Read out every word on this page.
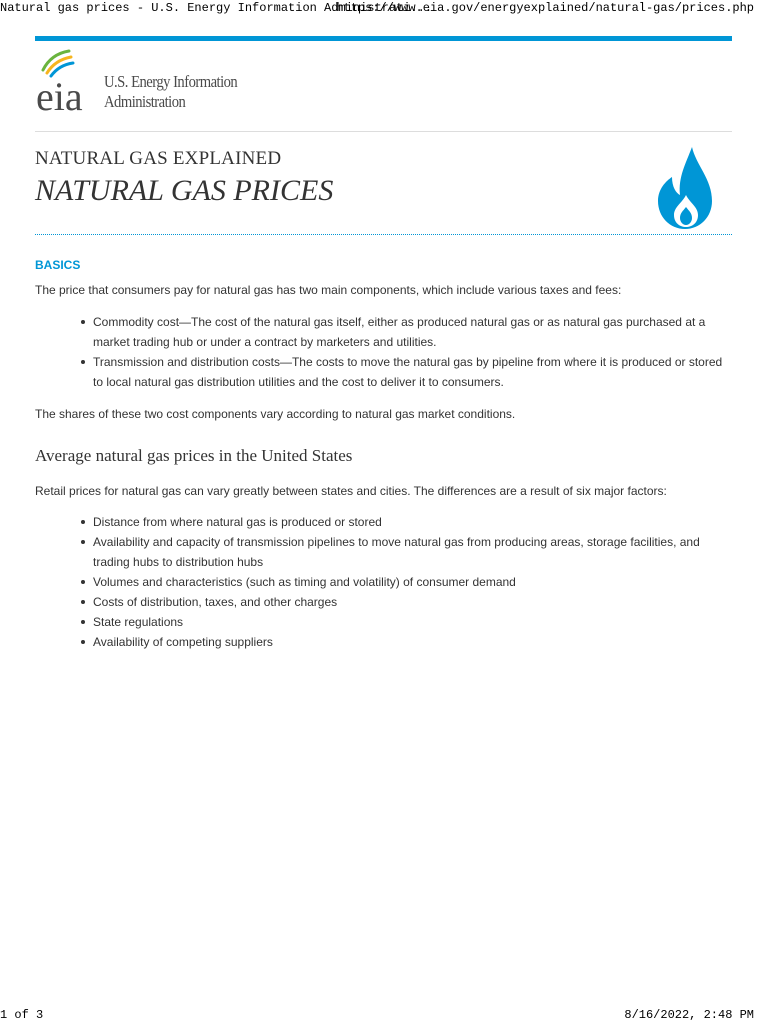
Natural gas prices - U.S. Energy Information Administrati...
https://www.eia.gov/energyexplained/natural-gas/prices.php
eia U.S. Energy Information
Administration
NATURAL GAS EXPLAINED
NATURAL GAS PRICES
BASICS
The price that consumers pay for natural gas has two main components, which include various taxes and fees:
Commodity cost—The cost of the natural gas itself, either as produced natural gas or as natural gas purchased at a
market trading hub or under a contract by marketers and utilities.
Transmission and distribution costs—The costs to move the natural gas by pipeline from where it is produced or stored
to local natural gas distribution utilities and the cost to deliver it to consumers.
The shares of these two cost components vary according to natural gas market conditions.
Average natural gas prices in the United States
Retail prices for natural gas can vary greatly between states and cities. The differences are a result of six major factors:
Distance from where natural gas is produced or stored
Availability and capacity of transmission pipelines to move natural gas from producing areas, storage facilities, and
trading hubs to distribution hubs
Volumes and characteristics (such as timing and volatility) of consumer demand
Costs of distribution, taxes, and other charges
State regulations
Availability of competing suppliers
1 of 3	8/16/2022, 2:48 PM
